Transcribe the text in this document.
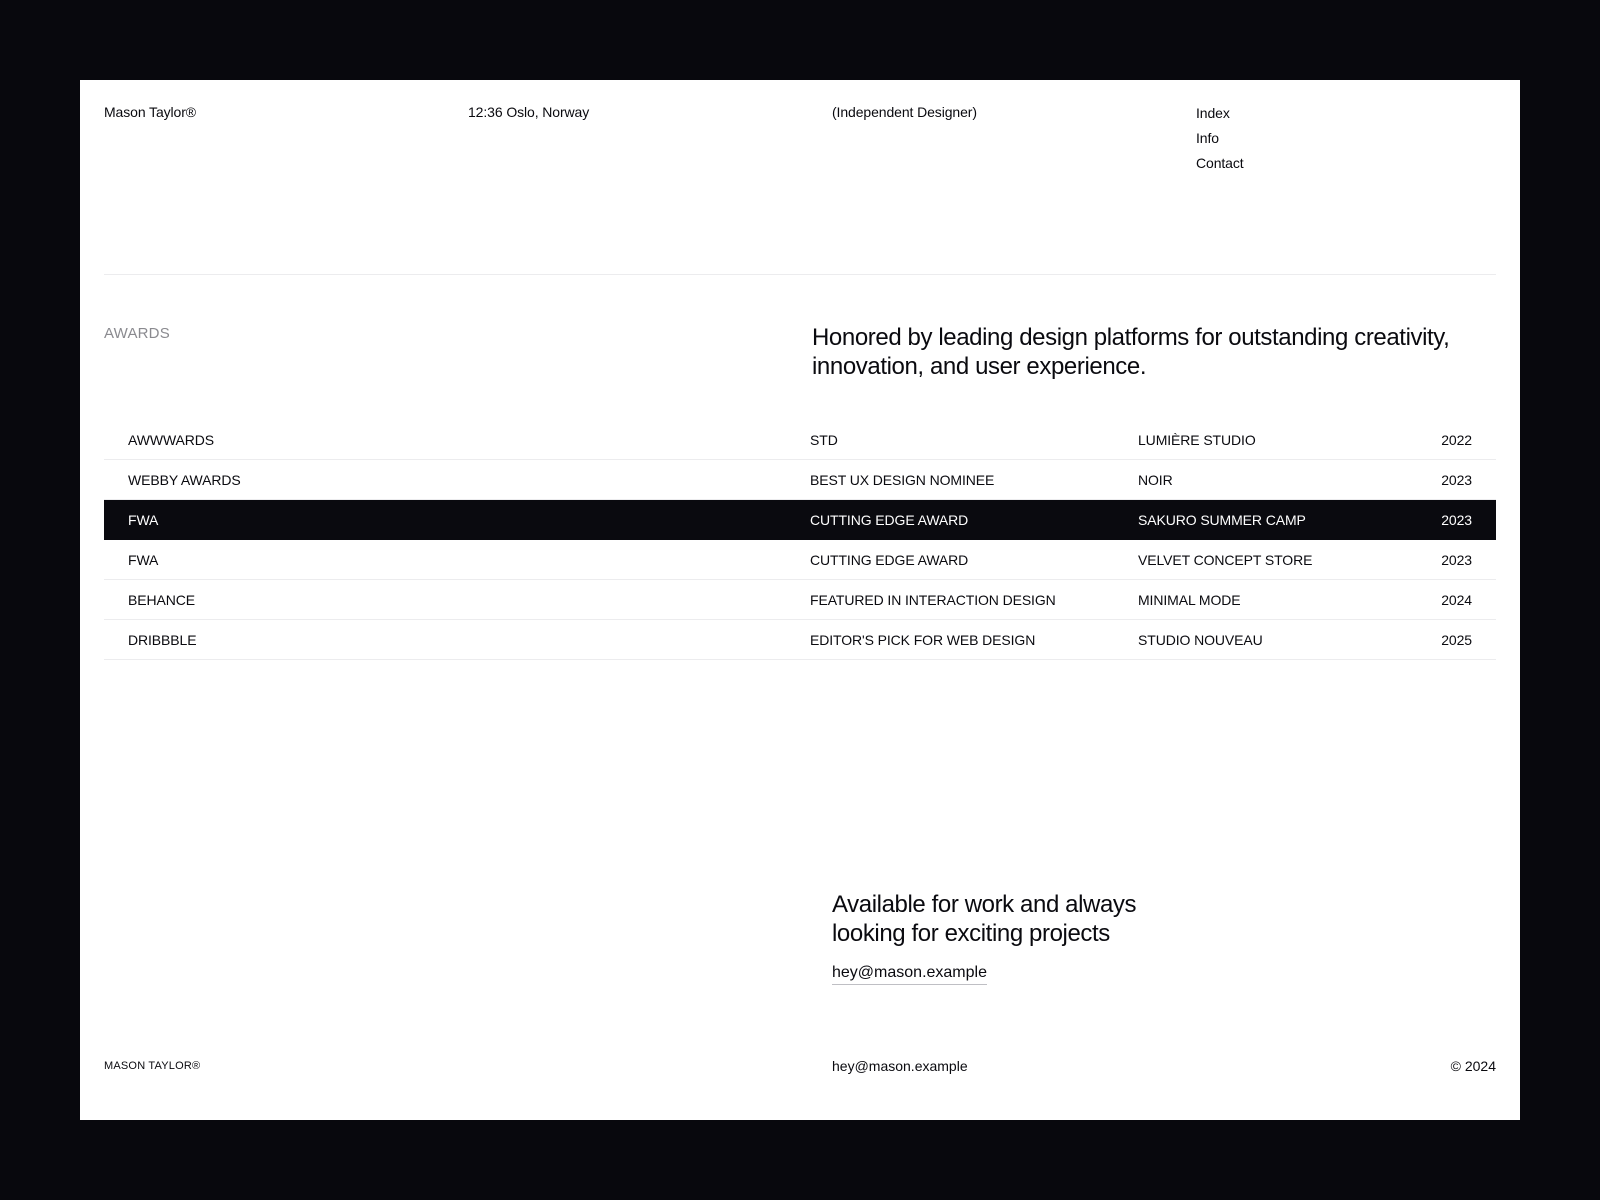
Mason Taylor®	12:36 Oslo, Norway	(Independent Designer)	Index
Info
Contact
AWARDS	Honored by leading design platforms for outstanding creativity, innovation, and user experience.

AWWWARDS	STD	LUMIÈRE STUDIO	2022
WEBBY AWARDS	BEST UX DESIGN NOMINEE	NOIR	2023
FWA	CUTTING EDGE AWARD	SAKURO SUMMER CAMP	2023
FWA	CUTTING EDGE AWARD	VELVET CONCEPT STORE	2023
BEHANCE	FEATURED IN INTERACTION DESIGN	MINIMAL MODE	2024
DRIBBBLE	EDITOR'S PICK FOR WEB DESIGN	STUDIO NOUVEAU	2025
Available for work and always
looking for exciting projects
hey@mason.example
MASON TAYLOR®	hey@mason.example	© 2024
